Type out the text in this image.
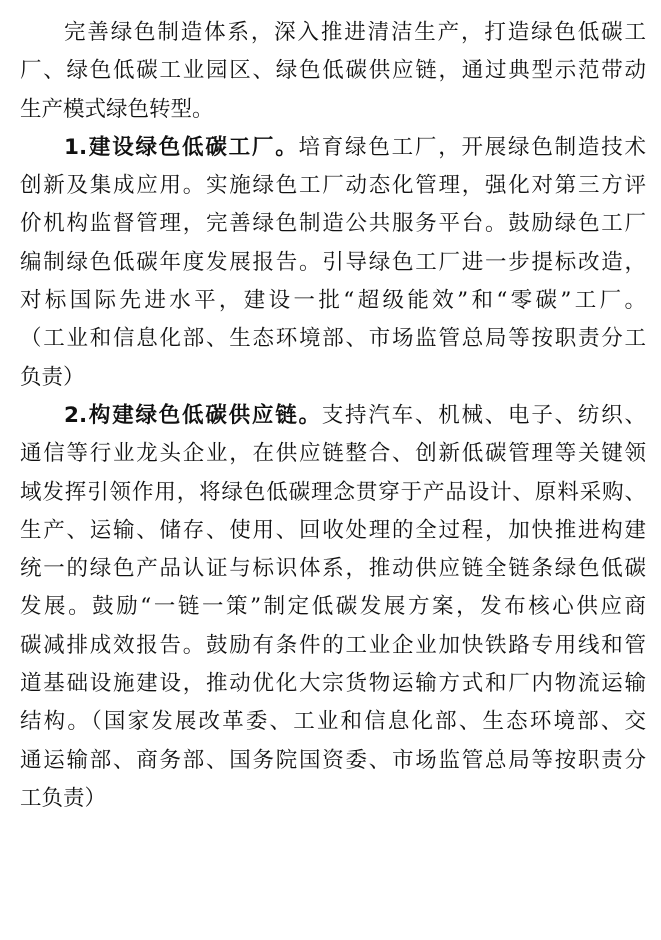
完善绿色制造体系，深入推进清洁生产，打造绿色低碳工
厂、绿色低碳工业园区、绿色低碳供应链，通过典型示范带动
生产模式绿色转型。
1.建设绿色低碳工厂。培育绿色工厂，开展绿色制造技术
创新及集成应用。实施绿色工厂动态化管理，强化对第三方评
价机构监督管理，完善绿色制造公共服务平台。鼓励绿色工厂
编制绿色低碳年度发展报告。引导绿色工厂进一步提标改造，
对标国际先进水平，建设一批“超级能效”和“零碳”工厂。
（工业和信息化部、生态环境部、市场监管总局等按职责分工
负责）
2.构建绿色低碳供应链。支持汽车、机械、电子、纺织、
通信等行业龙头企业，在供应链整合、创新低碳管理等关键领
域发挥引领作用，将绿色低碳理念贯穿于产品设计、原料采购、
生产、运输、储存、使用、回收处理的全过程，加快推进构建
统一的绿色产品认证与标识体系，推动供应链全链条绿色低碳
发展。鼓励“一链一策”制定低碳发展方案，发布核心供应商
碳减排成效报告。鼓励有条件的工业企业加快铁路专用线和管
道基础设施建设，推动优化大宗货物运输方式和厂内物流运输
结构。（国家发展改革委、工业和信息化部、生态环境部、交
通运输部、商务部、国务院国资委、市场监管总局等按职责分
工负责）
